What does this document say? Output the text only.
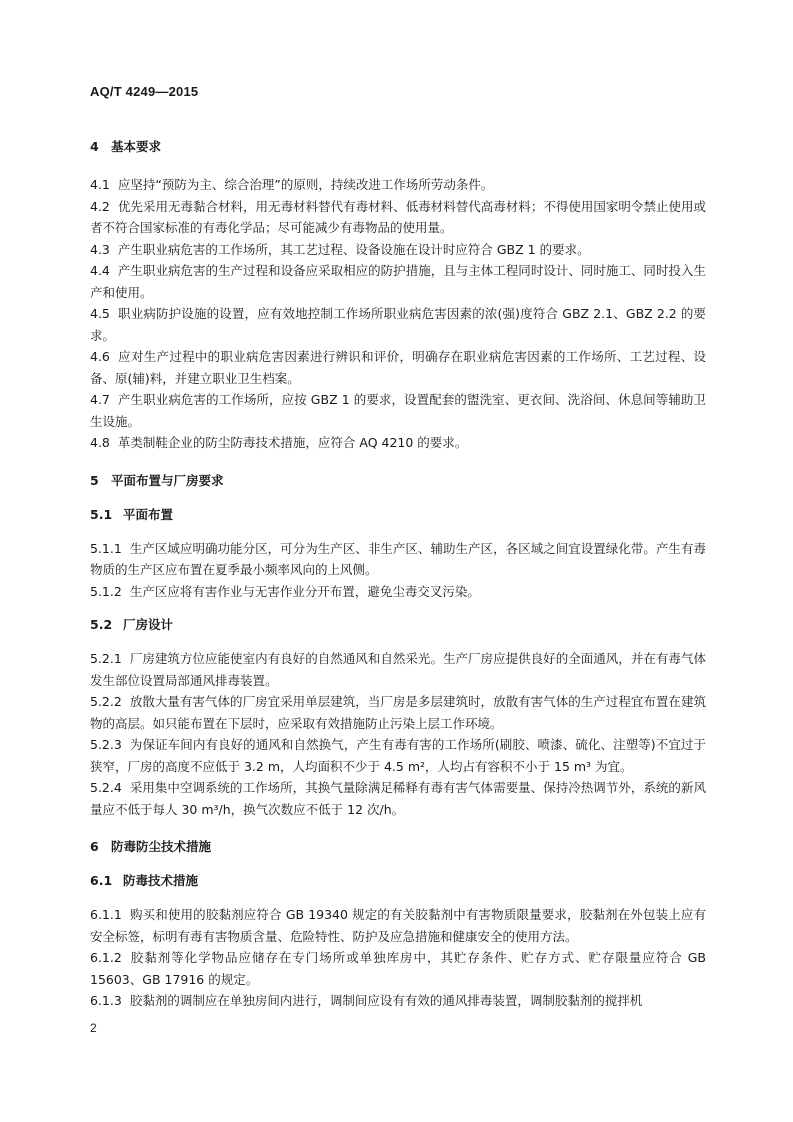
AQ/T 4249—2015
4 基本要求
4.1 应坚持“预防为主、综合治理”的原则，持续改进工作场所劳动条件。
4.2 优先采用无毒黏合材料，用无毒材料替代有毒材料、低毒材料替代高毒材料；不得使用国家明令禁止使用或者不符合国家标准的有毒化学品；尽可能减少有毒物品的使用量。
4.3 产生职业病危害的工作场所，其工艺过程、设备设施在设计时应符合 GBZ 1 的要求。
4.4 产生职业病危害的生产过程和设备应采取相应的防护措施，且与主体工程同时设计、同时施工、同时投入生产和使用。
4.5 职业病防护设施的设置，应有效地控制工作场所职业病危害因素的浓(强)度符合 GBZ 2.1、GBZ 2.2 的要求。
4.6 应对生产过程中的职业病危害因素进行辨识和评价，明确存在职业病危害因素的工作场所、工艺过程、设备、原(辅)料，并建立职业卫生档案。
4.7 产生职业病危害的工作场所，应按 GBZ 1 的要求，设置配套的盥洗室、更衣间、洗浴间、休息间等辅助卫生设施。
4.8 革类制鞋企业的防尘防毒技术措施，应符合 AQ 4210 的要求。
5 平面布置与厂房要求
5.1 平面布置
5.1.1 生产区域应明确功能分区，可分为生产区、非生产区、辅助生产区，各区域之间宜设置绿化带。产生有毒物质的生产区应布置在夏季最小频率风向的上风侧。
5.1.2 生产区应将有害作业与无害作业分开布置，避免尘毒交叉污染。
5.2 厂房设计
5.2.1 厂房建筑方位应能使室内有良好的自然通风和自然采光。生产厂房应提供良好的全面通风，并在有毒气体发生部位设置局部通风排毒装置。
5.2.2 放散大量有害气体的厂房宜采用单层建筑，当厂房是多层建筑时，放散有害气体的生产过程宜布置在建筑物的高层。如只能布置在下层时，应采取有效措施防止污染上层工作环境。
5.2.3 为保证车间内有良好的通风和自然换气，产生有毒有害的工作场所(刷胶、喷漆、硫化、注塑等)不宜过于狭窄，厂房的高度不应低于 3.2 m，人均面积不少于 4.5 m²，人均占有容积不小于 15 m³ 为宜。
5.2.4 采用集中空调系统的工作场所，其换气量除满足稀释有毒有害气体需要量、保持冷热调节外，系统的新风量应不低于每人 30 m³/h，换气次数应不低于 12 次/h。
6 防毒防尘技术措施
6.1 防毒技术措施
6.1.1 购买和使用的胶黏剂应符合 GB 19340 规定的有关胶黏剂中有害物质限量要求，胶黏剂在外包装上应有安全标签，标明有毒有害物质含量、危险特性、防护及应急措施和健康安全的使用方法。
6.1.2 胶黏剂等化学物品应储存在专门场所或单独库房中，其贮存条件、贮存方式、贮存限量应符合 GB 15603、GB 17916 的规定。
6.1.3 胶黏剂的调制应在单独房间内进行，调制间应设有有效的通风排毒装置，调制胶黏剂的搅拌机
2
